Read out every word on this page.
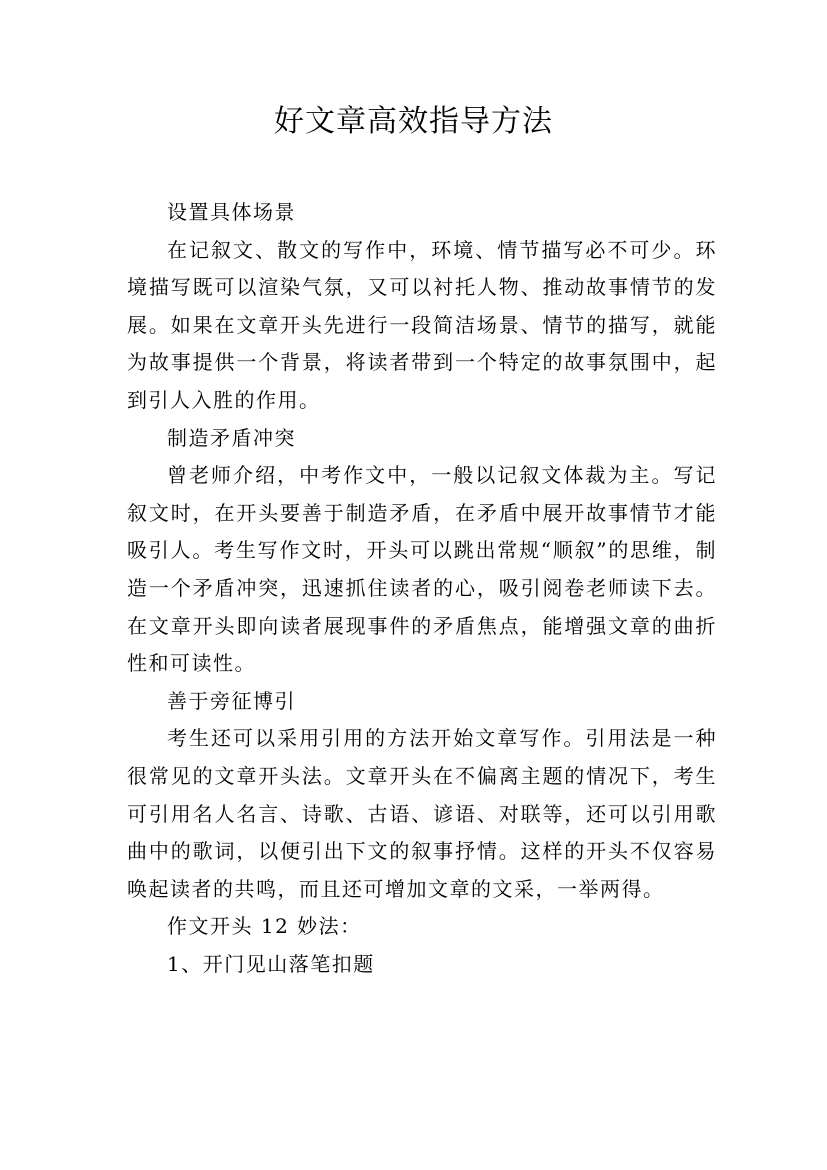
好文章高效指导方法

设置具体场景

在记叙文、散文的写作中，环境、情节描写必不可少。环境描写既可以渲染气氛，又可以衬托人物、推动故事情节的发展。如果在文章开头先进行一段简洁场景、情节的描写，就能为故事提供一个背景，将读者带到一个特定的故事氛围中，起到引人入胜的作用。

制造矛盾冲突

曾老师介绍，中考作文中，一般以记叙文体裁为主。写记叙文时，在开头要善于制造矛盾，在矛盾中展开故事情节才能吸引人。考生写作文时，开头可以跳出常规“顺叙”的思维，制造一个矛盾冲突，迅速抓住读者的心，吸引阅卷老师读下去。在文章开头即向读者展现事件的矛盾焦点，能增强文章的曲折性和可读性。

善于旁征博引

考生还可以采用引用的方法开始文章写作。引用法是一种很常见的文章开头法。文章开头在不偏离主题的情况下，考生可引用名人名言、诗歌、古语、谚语、对联等，还可以引用歌曲中的歌词，以便引出下文的叙事抒情。这样的开头不仅容易唤起读者的共鸣，而且还可增加文章的文采，一举两得。

作文开头 12 妙法：

1、开门见山落笔扣题
